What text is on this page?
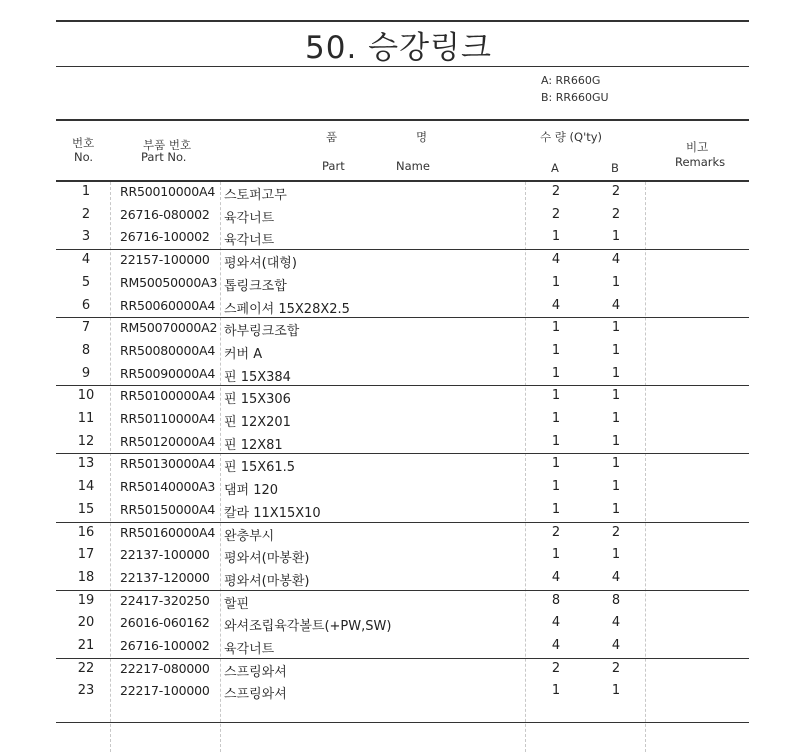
50. 승강링크
A: RR660G
B: RR660GU
번호
No.
부품 번호
Part No.
품	명
Part	Name
수 량 (Q'ty)
A	B
비고
Remarks
1	RR50010000A4 스토퍼고무	2	2
2	26716-080002 육각너트	2	2
3	26716-100002 육각너트	1	1
4	22157-100000 평와셔(대형)	4	4
5	RM50050000A3 톱링크조합	1	1
6	RR50060000A4 스페이셔 15X28X2.5	4	4
7	RM50070000A2 하부링크조합	1	1
8	RR50080000A4 커버 A	1	1
9	RR50090000A4 핀 15X384	1	1
10	RR50100000A4 핀 15X306	1	1
11	RR50110000A4 핀 12X201	1	1
12	RR50120000A4 핀 12X81	1	1
13	RR50130000A4 핀 15X61.5	1	1
14	RR50140000A3 댐퍼 120	1	1
15	RR50150000A4 칼라 11X15X10	1	1
16	RR50160000A4 완충부시	2	2
17	22137-100000 평와셔(마봉환)	1	1
18	22137-120000 평와셔(마봉환)	4	4
19	22417-320250 할핀	8	8
20	26016-060162 와셔조립육각볼트(+PW,SW)	4	4
21	26716-100002 육각너트	4	4
22	22217-080000 스프링와셔	2	2
23	22217-100000 스프링와셔	1	1
